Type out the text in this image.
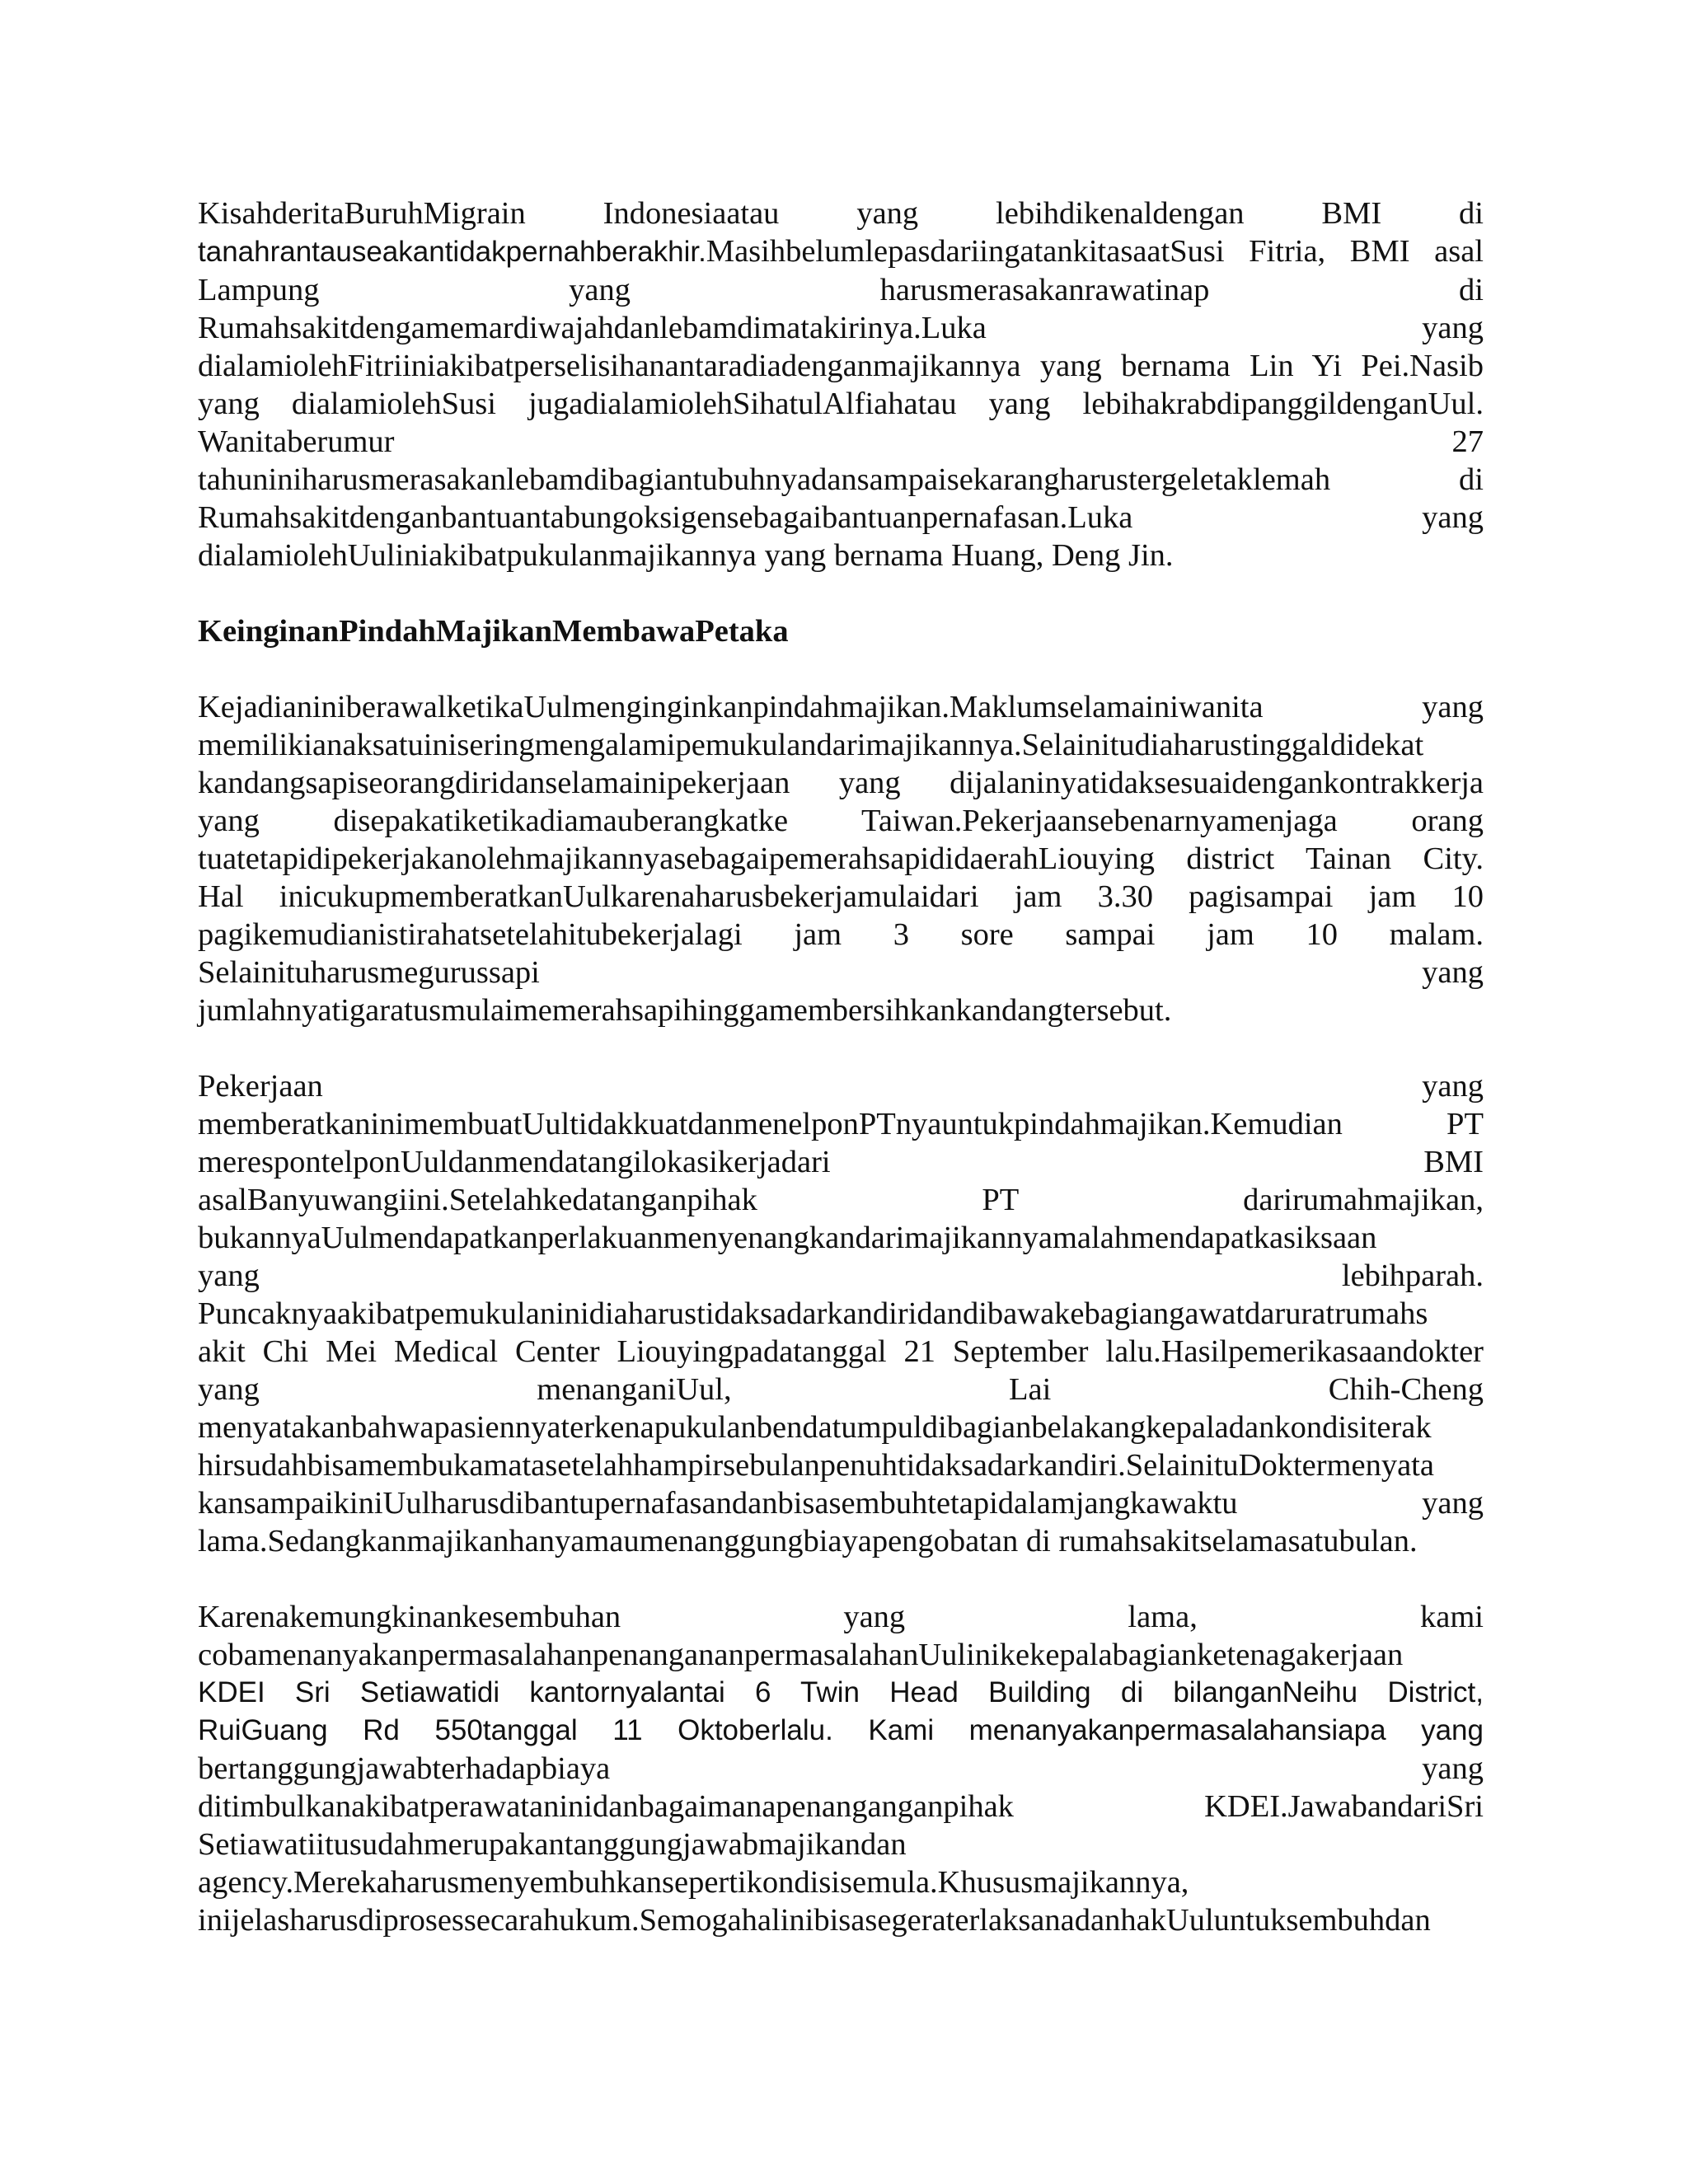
KisahderitaBuruhMigrain Indonesiaatau yang lebihdikenaldengan BMI di
tanahrantauseakantidakpernahberakhir.MasihbelumlepasdariingatankitasaatSusi Fitria, BMI asal
Lampung yang harusmerasakanrawatinap di
Rumahsakitdengamemardiwajahdanlebamdimatakirinya.Luka yang
dialamiolehFitriiniakibatperselisihanantaradiadenganmajikannya yang bernama Lin Yi Pei.Nasib
yang dialamiolehSusi jugadialamiolehSihatulAlfiahatau yang lebihakrabdipanggildenganUul.
Wanitaberumur 27
tahuniniharusmerasakanlebamdibagiantubuhnyadansampaisekarangharustergeletaklemah di
Rumahsakitdenganbantuantabungoksigensebagaibantuanpernafasan.Luka yang
dialamiolehUuliniakibatpukulanmajikannya yang bernama Huang, Deng Jin.
KeinginanPindahMajikanMembawaPetaka
KejadianiniberawalketikaUulmenginginkanpindahmajikan.Maklumselamainiwanita yang
memilikianaksatuiniseringmengalamipemukulandarimajikannya.Selainitudiaharustinggaldidekat
kandangsapiseorangdiridanselamainipekerjaan yang dijalaninyatidaksesuaidengankontrakkerja
yang disepakatiketikadiamauberangkatke Taiwan.Pekerjaansebenarnyamenjaga orang
tuatetapidipekerjakanolehmajikannyasebagaipemerahsapididaerahLiouying district Tainan City.
Hal inicukupmemberatkanUulkarenaharusbekerjamulaidari jam 3.30 pagisampai jam 10
pagikemudianistirahatsetelahitubekerjalagi jam 3 sore sampai jam 10 malam.
Selainituharusmegurussapi yang
jumlahnyatigaratusmulaimemerahsapihinggamembersihkankandangtersebut.
Pekerjaan yang
memberatkaninimembuatUultidakkuatdanmenelponPTnyauntukpindahmajikan.Kemudian PT
merespontelponUuldanmendatangilokasikerjadari BMI
asalBanyuwangiini.Setelahkedatanganpihak PT darirumahmajikan,
bukannyaUulmendapatkanperlakuanmenyenangkandarimajikannyamalahmendapatkasiksaan
yang lebihparah.
Puncaknyaakibatpemukulaninidiaharustidaksadarkandiridandibawakebagiangawatdaruratrumahs
akit Chi Mei Medical Center Liouyingpadatanggal 21 September lalu.Hasilpemerikasaandokter
yang menanganiUul, Lai Chih-Cheng
menyatakanbahwapasiennyaterkenapukulanbendatumpuldibagianbelakangkepaladankondisiterak
hirsudahbisamembukamatasetelahhampirsebulanpenuhtidaksadarkandiri.SelainituDoktermenyata
kansampaikiniUulharusdibantupernafasandanbisasembuhtetapidalamjangkawaktu yang
lama.Sedangkanmajikanhanyamaumenanggungbiayapengobatan di rumahsakitselamasatubulan.
Karenakemungkinankesembuhan yang lama, kami
cobamenanyakanpermasalahanpenangananpermasalahanUulinikekepalabagianketenagakerjaan
KDEI Sri Setiawatidi kantornyalantai 6 Twin Head Building di bilanganNeihu District,
RuiGuang Rd 550tanggal 11 Oktoberlalu. Kami menanyakanpermasalahansiapa yang
bertanggungjawabterhadapbiaya yang
ditimbulkanakibatperawataninidanbagaimanapenanganganpihak KDEI.JawabandariSri
Setiawatiitusudahmerupakantanggungjawabmajikandan
agency.Merekaharusmenyembuhkansepertikondisisemula.Khususmajikannya,
inijelasharusdiprosessecarahukum.SemogahalinibisasegeraterlaksanadanhakUuluntuksembuhdan
